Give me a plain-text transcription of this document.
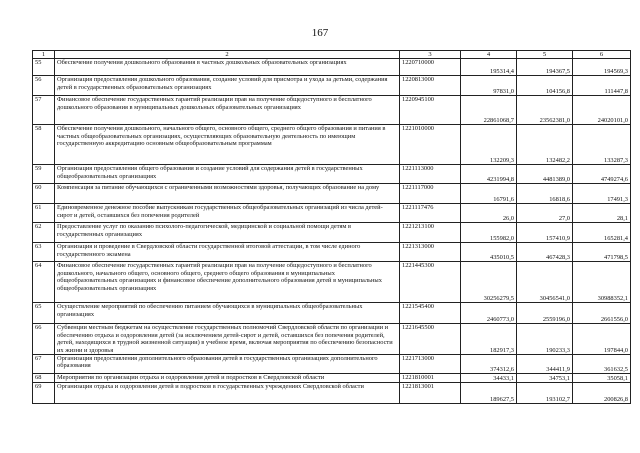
167
1	2	3	4	5	6
55	Обеспечение получения дошкольного образования в частных дошкольных образовательных организациях	1220710000	195314,4	194367,5	194569,3
56	Организация предоставления дошкольного образования, создание условий для присмотра и ухода за детьми, содержания детей в государственных образовательных организациях	1220813000	97831,0	104156,8	111447,8
57	Финансовое обеспечение государственных гарантий реализации прав на получение общедоступного и бесплатного дошкольного образования в муниципальных дошкольных образовательных организациях	1220945100	22861068,7	23562381,0	24020101,0
58	Обеспечение получения дошкольного, начального общего, основного общего, среднего общего образования и питания в частных общеобразовательных организациях, осуществляющих образовательную деятельность по имеющим государственную аккредитацию основным общеобразовательным программам	1221010000	132209,3	132482,2	133287,3
59	Организация предоставления общего образования и создание условий для содержания детей в государственных общеобразовательных организациях	1221113000	4231994,8	4481389,0	4749274,6
60	Компенсация за питание обучающихся с ограниченными возможностями здоровья, получающих образование на дому	1221117000	16791,6	16818,6	17491,3
61	Единовременное денежное пособие выпускникам государственных общеобразовательных организаций из числа детей-сирот и детей, оставшихся без попечения родителей	1221117476	26,0	27,0	28,1
62	Предоставление услуг по оказанию психолого-педагогической, медицинской и социальной помощи детям в государственных организациях	1221213100	155982,0	157410,9	165281,4
63	Организация и проведение в Свердловской области государственной итоговой аттестации, в том числе единого государственного экзамена	1221313000	435010,5	467428,3	471798,5
64	Финансовое обеспечение государственных гарантий реализации прав на получение общедоступного и бесплатного дошкольного, начального общего, основного общего, среднего общего образования в муниципальных общеобразовательных организациях и финансовое обеспечение дополнительного образования детей в муниципальных общеобразовательных организациях	1221445300	30256279,5	30456541,0	30988352,1
65	Осуществление мероприятий по обеспечению питанием обучающихся в муниципальных общеобразовательных организациях	1221545400	2460773,0	2559196,0	2661556,0
66	Субвенции местным бюджетам на осуществление государственных полномочий Свердловской области по организации и обеспечению отдыха и оздоровления детей (за исключением детей-сирот и детей, оставшихся без попечения родителей, детей, находящихся в трудной жизненной ситуации) в учебное время, включая мероприятия по обеспечению безопасности их жизни и здоровья	1221645500	182917,3	190233,3	197844,0
67	Организация предоставления дополнительного образования детей в государственных организациях дополнительного образования	1221713000	374312,6	344411,9	361632,5
68	Мероприятия по организации отдыха и оздоровления детей и подростков в Свердловской области	1221810001	34433,1	34753,1	35058,1
69	Организация отдыха и оздоровления детей и подростков в государственных учреждениях Свердловской области	1221813001	189627,5	193102,7	200826,8
